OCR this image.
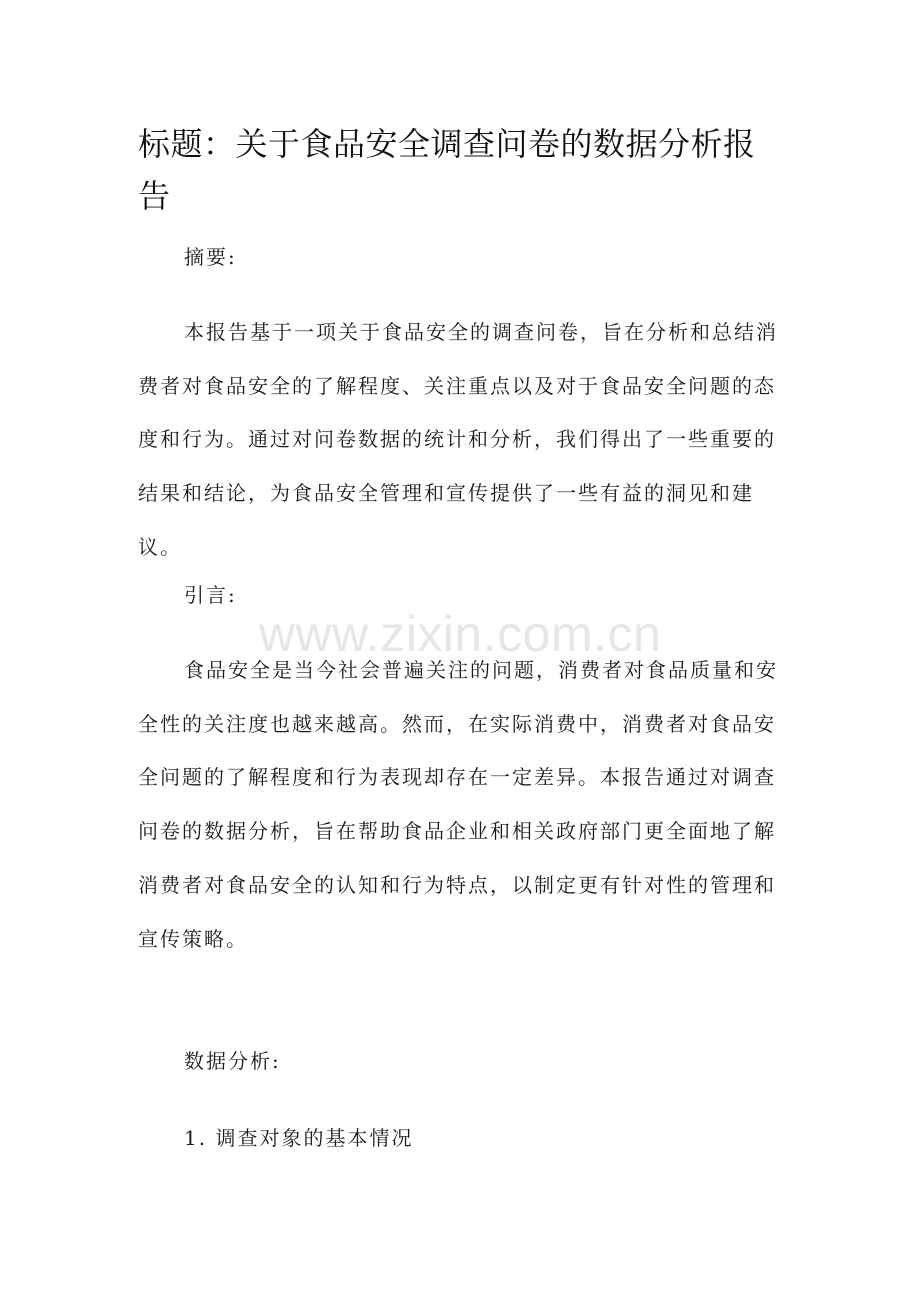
标题：关于食品安全调查问卷的数据分析报告

摘要:

本报告基于一项关于食品安全的调查问卷，旨在分析和总结消费者对食品安全的了解程度、关注重点以及对于食品安全问题的态度和行为。通过对问卷数据的统计和分析，我们得出了一些重要的结果和结论，为食品安全管理和宣传提供了一些有益的洞见和建议。

引言:

食品安全是当今社会普遍关注的问题，消费者对食品质量和安全性的关注度也越来越高。然而，在实际消费中，消费者对食品安全问题的了解程度和行为表现却存在一定差异。本报告通过对调查问卷的数据分析，旨在帮助食品企业和相关政府部门更全面地了解消费者对食品安全的认知和行为特点，以制定更有针对性的管理和宣传策略。

数据分析:

1. 调查对象的基本情况

www.zixin.com.cn
